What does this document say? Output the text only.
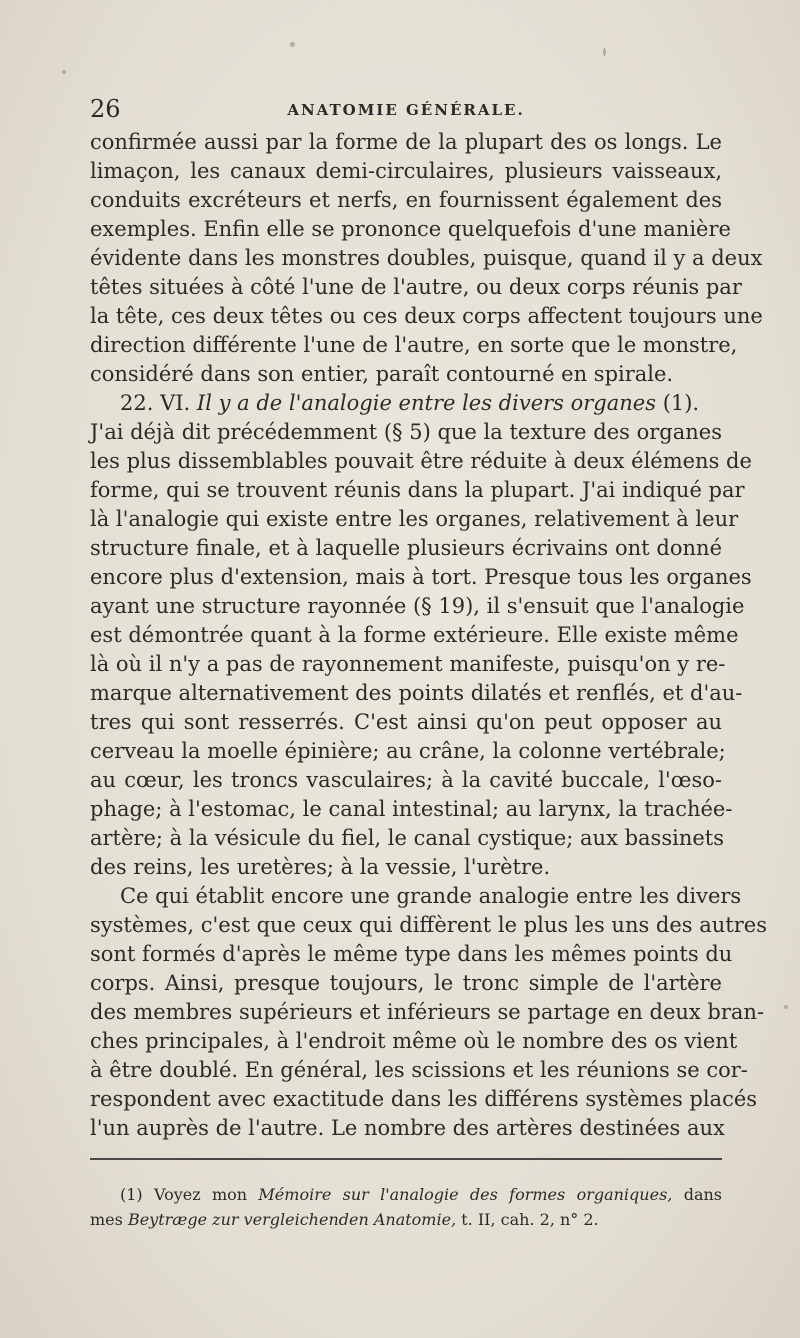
26	ANATOMIE GÉNÉRALE.
confirmée aussi par la forme de la plupart des os longs. Le
limaçon, les canaux demi-circulaires, plusieurs vaisseaux,
conduits excréteurs et nerfs, en fournissent également des
exemples. Enfin elle se prononce quelquefois d'une manière
évidente dans les monstres doubles, puisque, quand il y a deux
têtes situées à côté l'une de l'autre, ou deux corps réunis par
la tête, ces deux têtes ou ces deux corps affectent toujours une
direction différente l'une de l'autre, en sorte que le monstre,
considéré dans son entier, paraît contourné en spirale.
22. VI. Il y a de l'analogie entre les divers organes (1).
J'ai déjà dit précédemment (§ 5) que la texture des organes
les plus dissemblables pouvait être réduite à deux élémens de
forme, qui se trouvent réunis dans la plupart. J'ai indiqué par
là l'analogie qui existe entre les organes, relativement à leur
structure finale, et à laquelle plusieurs écrivains ont donné
encore plus d'extension, mais à tort. Presque tous les organes
ayant une structure rayonnée (§ 19), il s'ensuit que l'analogie
est démontrée quant à la forme extérieure. Elle existe même
là où il n'y a pas de rayonnement manifeste, puisqu'on y re-
marque alternativement des points dilatés et renflés, et d'au-
tres qui sont resserrés. C'est ainsi qu'on peut opposer au
cerveau la moelle épinière; au crâne, la colonne vertébrale;
au cœur, les troncs vasculaires; à la cavité buccale, l'œso-
phage; à l'estomac, le canal intestinal; au larynx, la trachée-
artère; à la vésicule du fiel, le canal cystique; aux bassinets
des reins, les uretères; à la vessie, l'urètre.
Ce qui établit encore une grande analogie entre les divers
systèmes, c'est que ceux qui diffèrent le plus les uns des autres
sont formés d'après le même type dans les mêmes points du
corps. Ainsi, presque toujours, le tronc simple de l'artère
des membres supérieurs et inférieurs se partage en deux bran-
ches principales, à l'endroit même où le nombre des os vient
à être doublé. En général, les scissions et les réunions se cor-
respondent avec exactitude dans les différens systèmes placés
l'un auprès de l'autre. Le nombre des artères destinées aux
(1) Voyez mon Mémoire sur l'analogie des formes organiques, dans
mes Beytræge zur vergleichenden Anatomie, t. II, cah. 2, n° 2.
